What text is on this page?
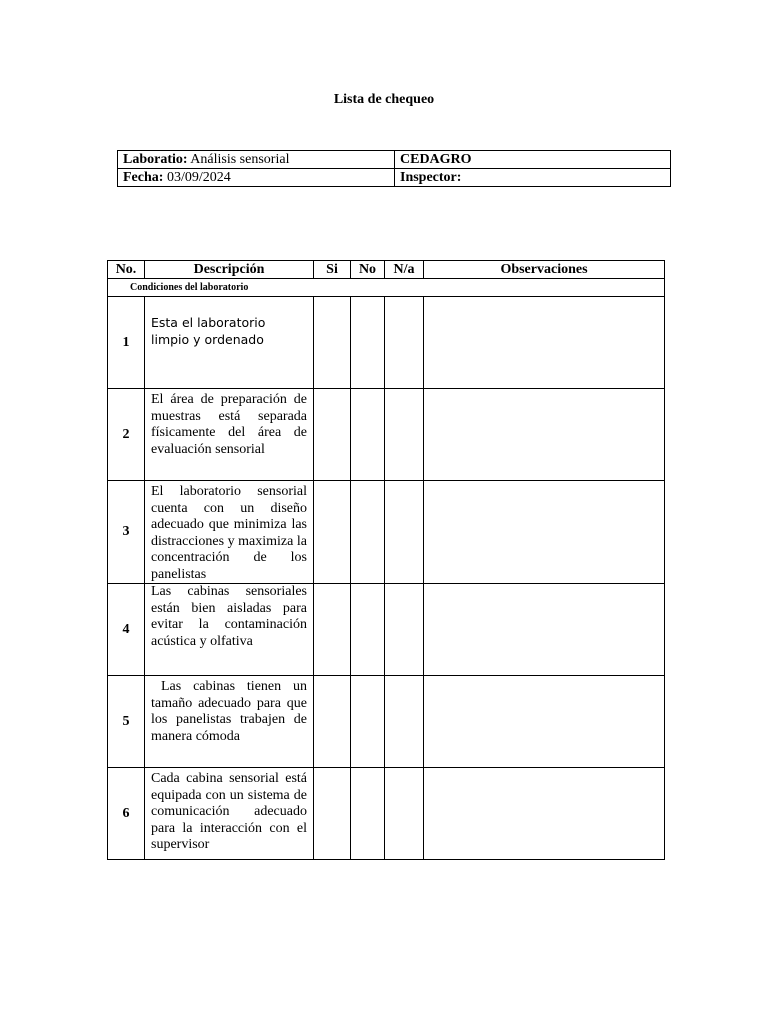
Lista de chequeo
Laboratio: Análisis sensorial	CEDAGRO
Fecha: 03/09/2024	Inspector:
No.	Descripción	Si	No	N/a	Observaciones
Condiciones del laboratorio					
1	Esta el laboratorio limpio y ordenado				
2	El área de preparación de muestras está separada físicamente del área de evaluación sensorial				
3	El laboratorio sensorial cuenta con un diseño adecuado que minimiza las distracciones y maximiza la concentración de los panelistas				
4	Las cabinas sensoriales están bien aisladas para evitar la contaminación acústica y olfativa				
5	Las cabinas tienen un tamaño adecuado para que los panelistas trabajen de manera cómoda				
6	Cada cabina sensorial está equipada con un sistema de comunicación adecuado para la interacción con el supervisor				
